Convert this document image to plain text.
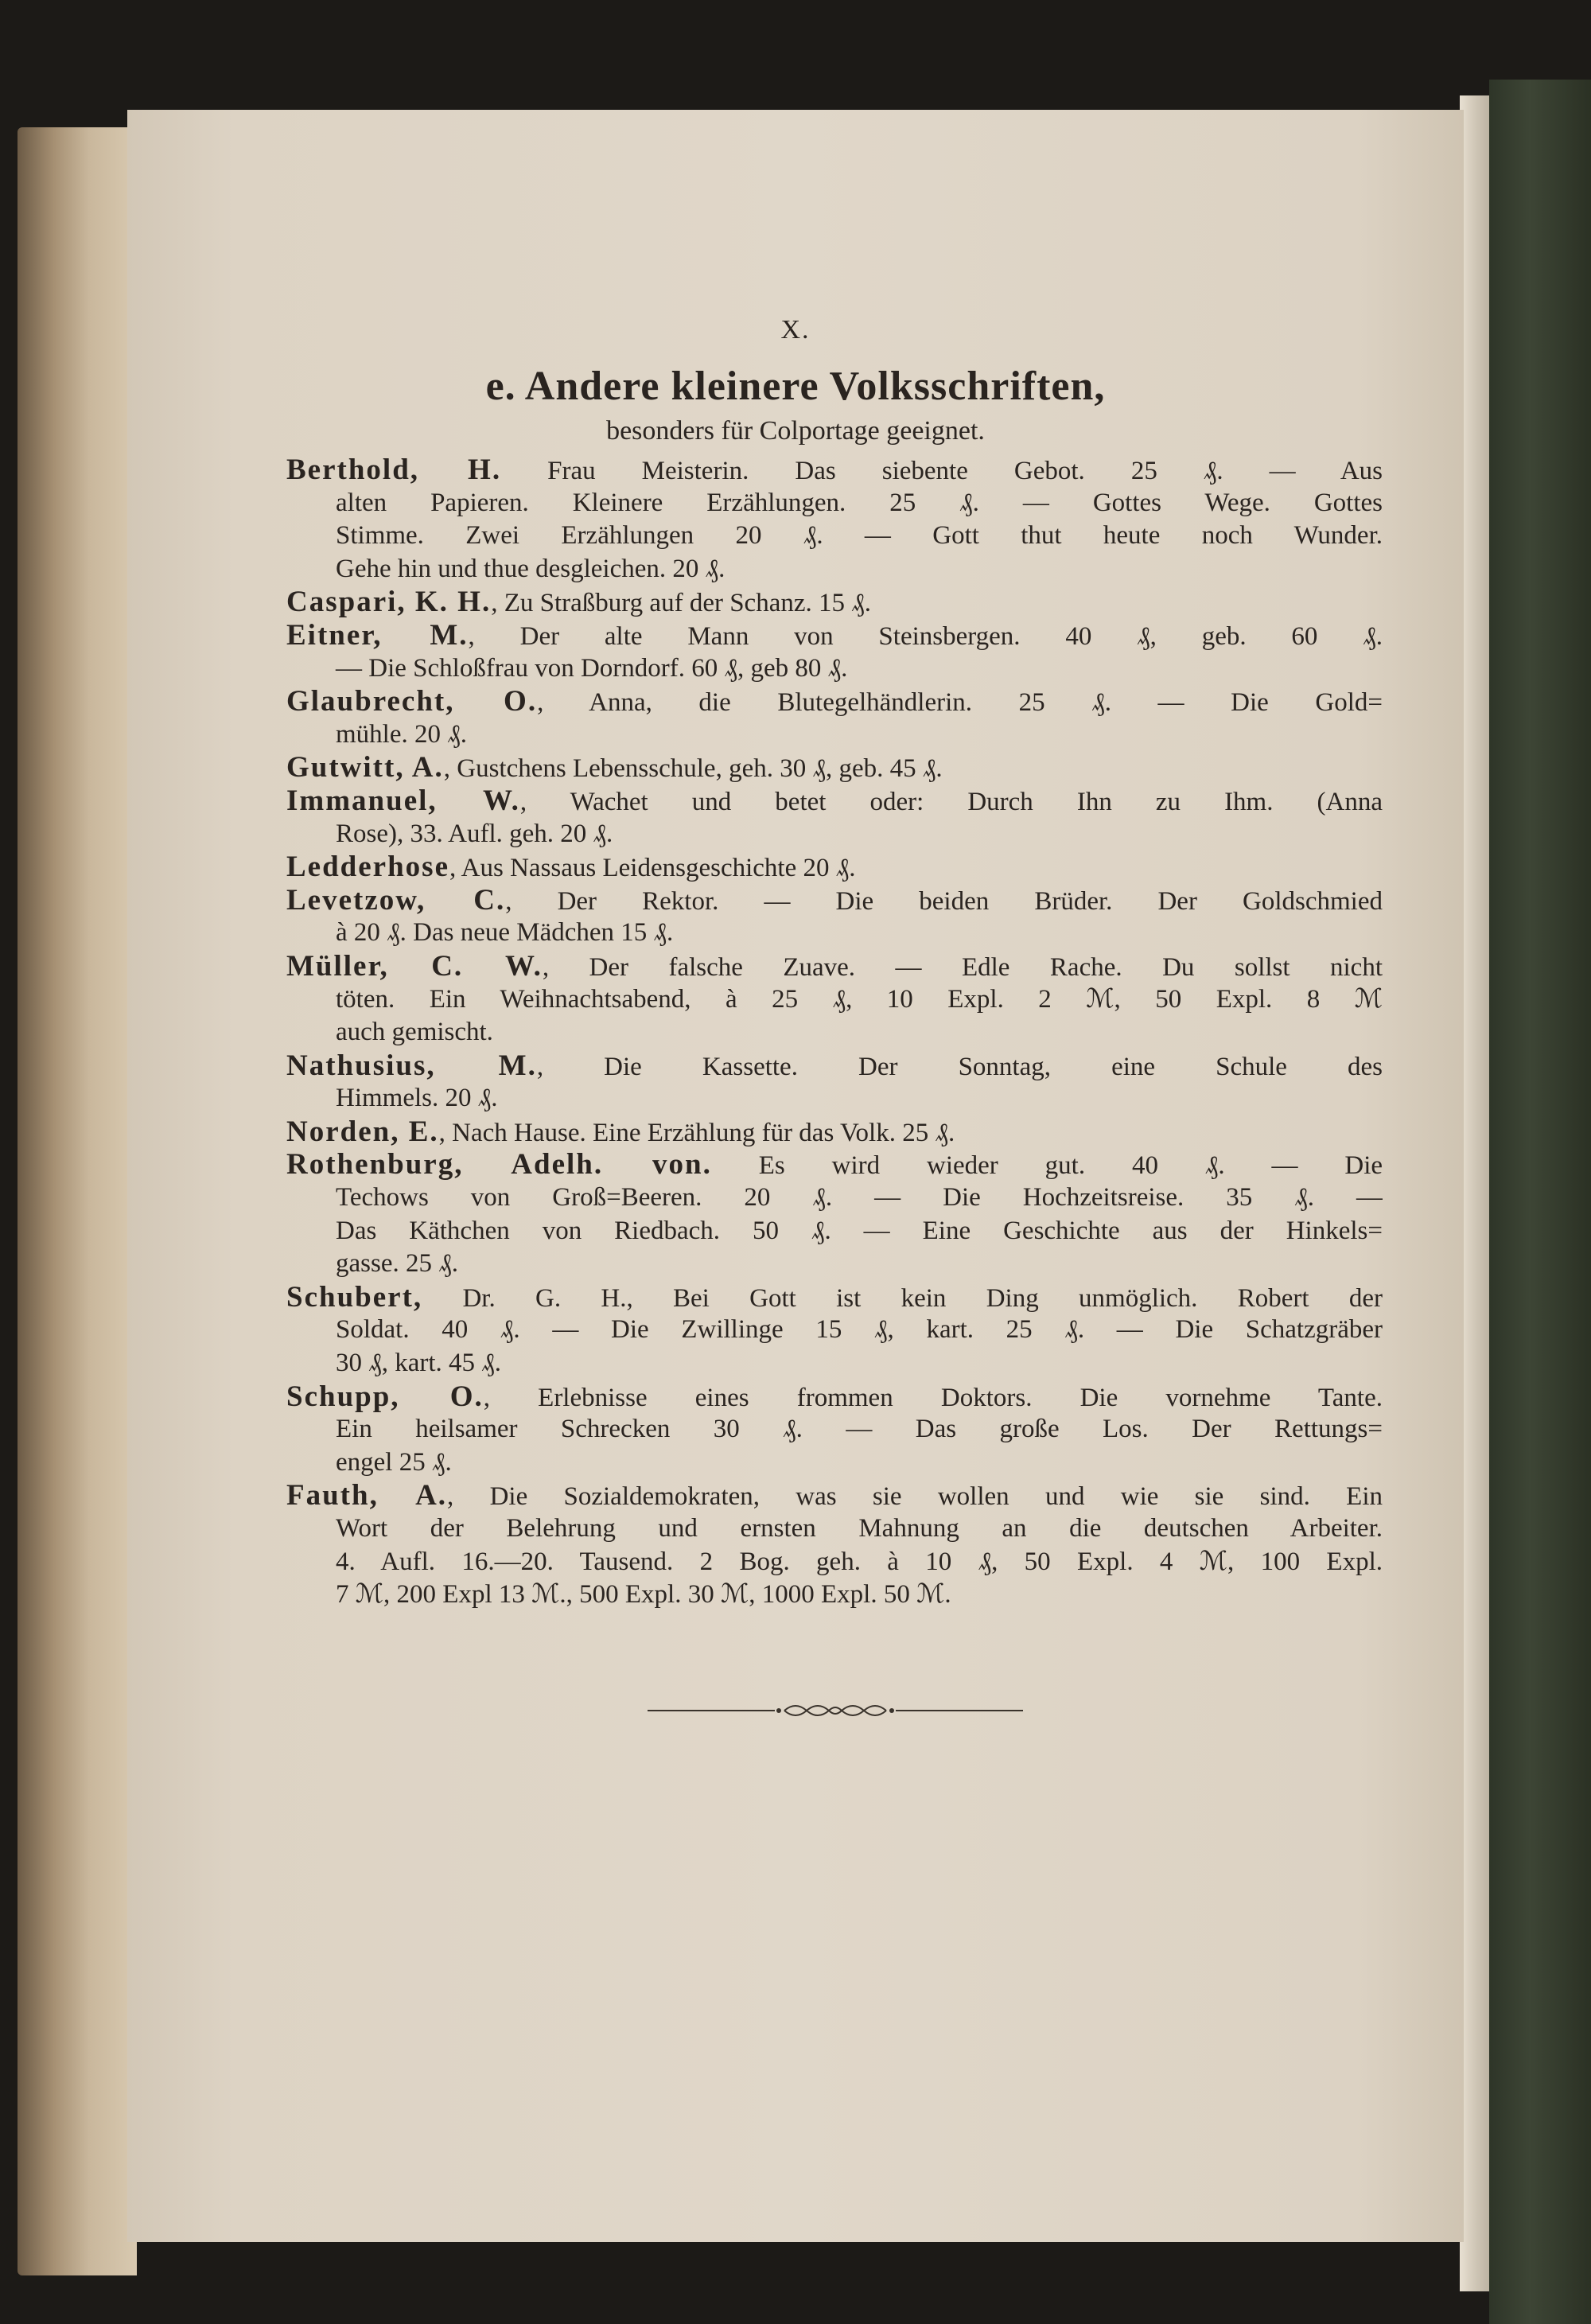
X.
e. Andere kleinere Volksschriften,
besonders für Colportage geeignet.
Berthold, H. Frau Meisterin. Das siebente Gebot. 25 ₰. — Aus
alten Papieren. Kleinere Erzählungen. 25 ₰. — Gottes Wege. Gottes
Stimme. Zwei Erzählungen 20 ₰. — Gott thut heute noch Wunder.
Gehe hin und thue desgleichen. 20 ₰.
Caspari, K. H., Zu Straßburg auf der Schanz. 15 ₰.
Eitner, M., Der alte Mann von Steinsbergen. 40 ₰, geb. 60 ₰.
— Die Schloßfrau von Dorndorf. 60 ₰, geb 80 ₰.
Glaubrecht, O., Anna, die Blutegelhändlerin. 25 ₰. — Die Gold=
mühle. 20 ₰.
Gutwitt, A., Gustchens Lebensschule, geh. 30 ₰, geb. 45 ₰.
Immanuel, W., Wachet und betet oder: Durch Ihn zu Ihm. (Anna
Rose), 33. Aufl. geh. 20 ₰.
Ledderhose, Aus Nassaus Leidensgeschichte 20 ₰.
Levetzow, C., Der Rektor. — Die beiden Brüder. Der Goldschmied
à 20 ₰. Das neue Mädchen 15 ₰.
Müller, C. W., Der falsche Zuave. — Edle Rache. Du sollst nicht
töten. Ein Weihnachtsabend, à 25 ₰, 10 Expl. 2 ℳ, 50 Expl. 8 ℳ
auch gemischt.
Nathusius, M., Die Kassette. Der Sonntag, eine Schule des
Himmels. 20 ₰.
Norden, E., Nach Hause. Eine Erzählung für das Volk. 25 ₰.
Rothenburg, Adelh. von. Es wird wieder gut. 40 ₰. — Die
Techows von Groß=Beeren. 20 ₰. — Die Hochzeitsreise. 35 ₰. —
Das Käthchen von Riedbach. 50 ₰. — Eine Geschichte aus der Hinkels=
gasse. 25 ₰.
Schubert, Dr. G. H., Bei Gott ist kein Ding unmöglich. Robert der
Soldat. 40 ₰. — Die Zwillinge 15 ₰, kart. 25 ₰. — Die Schatzgräber
30 ₰, kart. 45 ₰.
Schupp, O., Erlebnisse eines frommen Doktors. Die vornehme Tante.
Ein heilsamer Schrecken 30 ₰. — Das große Los. Der Rettungs=
engel 25 ₰.
Fauth, A., Die Sozialdemokraten, was sie wollen und wie sie sind. Ein
Wort der Belehrung und ernsten Mahnung an die deutschen Arbeiter.
4. Aufl. 16.—20. Tausend. 2 Bog. geh. à 10 ₰, 50 Expl. 4 ℳ, 100 Expl.
7 ℳ, 200 Expl 13 ℳ., 500 Expl. 30 ℳ, 1000 Expl. 50 ℳ.
